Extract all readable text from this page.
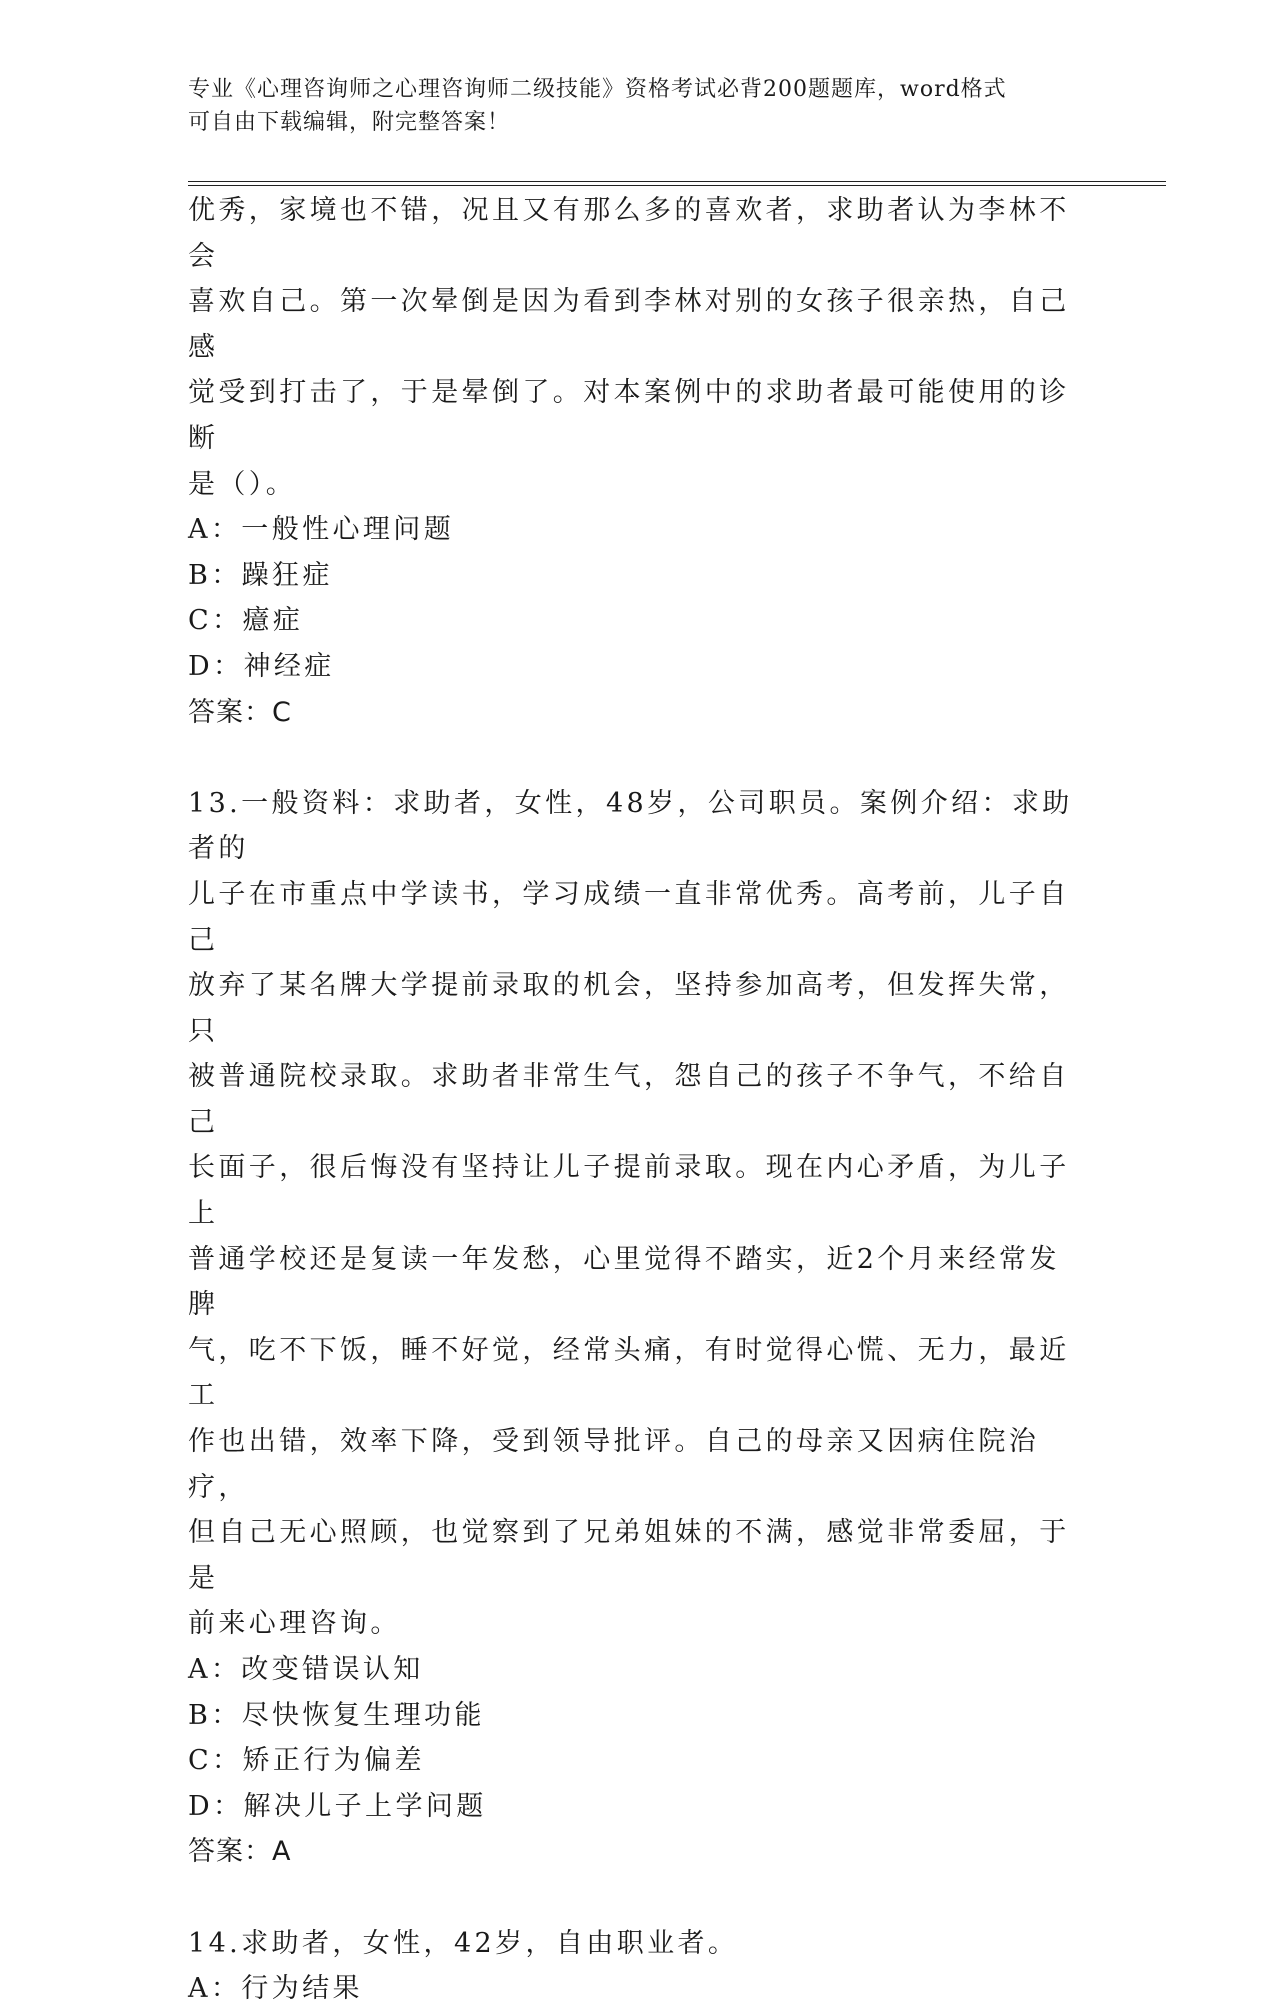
专业《心理咨询师之心理咨询师二级技能》资格考试必背200题题库，word格式
可自由下载编辑，附完整答案！

优秀，家境也不错，况且又有那么多的喜欢者，求助者认为李林不会

喜欢自己。第一次晕倒是因为看到李林对别的女孩子很亲热，自己感

觉受到打击了，于是晕倒了。对本案例中的求助者最可能使用的诊断

是（）。

A：一般性心理问题

B：躁狂症

C：癔症

D：神经症

答案：C

13.一般资料：求助者，女性，48岁，公司职员。案例介绍：求助者的

儿子在市重点中学读书，学习成绩一直非常优秀。高考前，儿子自己

放弃了某名牌大学提前录取的机会，坚持参加高考，但发挥失常，只

被普通院校录取。求助者非常生气，怨自己的孩子不争气，不给自己

长面子，很后悔没有坚持让儿子提前录取。现在内心矛盾，为儿子上

普通学校还是复读一年发愁，心里觉得不踏实，近2个月来经常发脾

气，吃不下饭，睡不好觉，经常头痛，有时觉得心慌、无力，最近工

作也出错，效率下降，受到领导批评。自己的母亲又因病住院治疗，

但自己无心照顾，也觉察到了兄弟姐妹的不满，感觉非常委屈，于是

前来心理咨询。

A：改变错误认知

B：尽快恢复生理功能

C：矫正行为偏差

D：解决儿子上学问题

答案：A

14.求助者，女性，42岁，自由职业者。

A：行为结果
